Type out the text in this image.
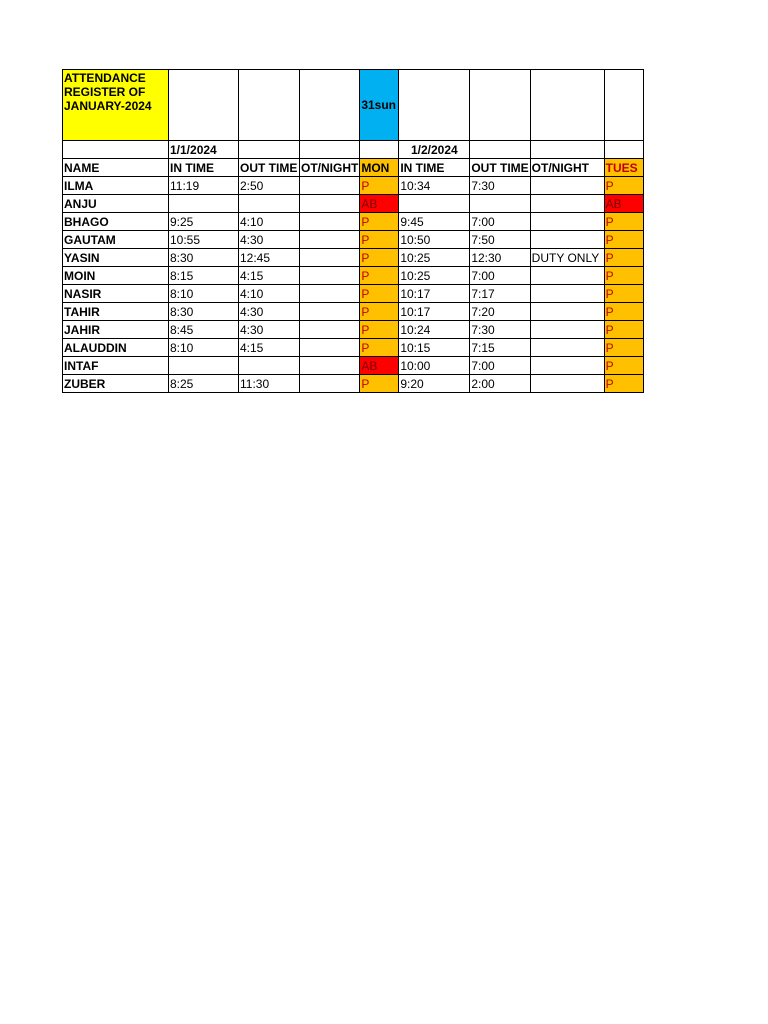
ATTENDANCE REGISTER OF JANUARY-2024				31sun				
	1/1/2024				1/2/2024			
NAME	IN TIME	OUT TIME	OT/NIGHT	MON	IN TIME	OUT TIME	OT/NIGHT	TUES
ILMA	11:19	2:50		P	10:34	7:30		P
ANJU				AB				AB
BHAGO	9:25	4:10		P	9:45	7:00		P
GAUTAM	10:55	4:30		P	10:50	7:50		P
YASIN	8:30	12:45		P	10:25	12:30	DUTY ONLY	P
MOIN	8:15	4:15		P	10:25	7:00		P
NASIR	8:10	4:10		P	10:17	7:17		P
TAHIR	8:30	4:30		P	10:17	7:20		P
JAHIR	8:45	4:30		P	10:24	7:30		P
ALAUDDIN	8:10	4:15		P	10:15	7:15		P
INTAF				AB	10:00	7:00		P
ZUBER	8:25	11:30		P	9:20	2:00		P
